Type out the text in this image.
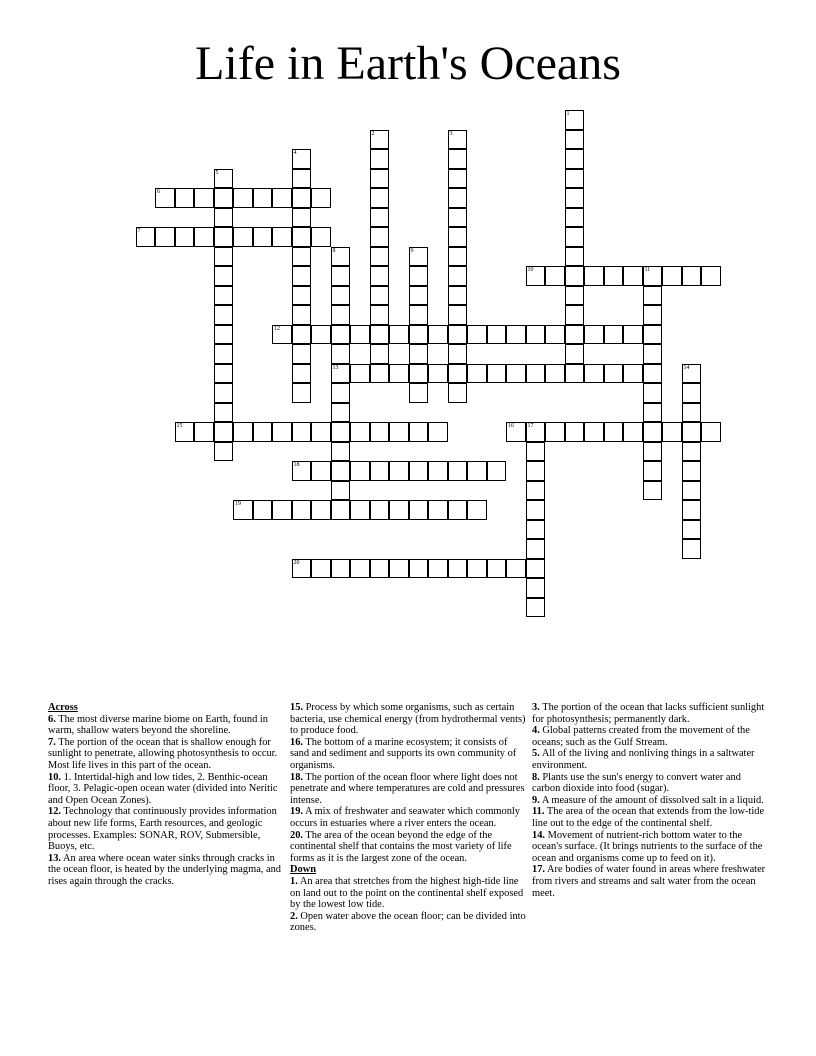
Life in Earth's Oceans
1
2	3
4
5
6
7
8
13
9
10	11
12
14
15	16 17
18
19
20
Across
6. The most diverse marine biome on Earth, found in warm, shallow waters beyond the shoreline.
7. The portion of the ocean that is shallow enough for sunlight to penetrate, allowing photosynthesis to occur. Most life lives in this part of the ocean.
10. 1. Intertidal-high and low tides, 2. Benthic-ocean floor, 3. Pelagic-open ocean water (divided into Neritic and Open Ocean Zones).
12. Technology that continuously provides information about new life forms, Earth resources, and geologic processes. Examples: SONAR, ROV, Submersible, Buoys, etc.
13. An area where ocean water sinks through cracks in the ocean floor, is heated by the underlying magma, and rises again through the cracks.
15. Process by which some organisms, such as certain bacteria, use chemical energy (from hydrothermal vents) to produce food.
16. The bottom of a marine ecosystem; it consists of sand and sediment and supports its own community of organisms.
18. The portion of the ocean floor where light does not penetrate and where temperatures are cold and pressures intense.
19. A mix of freshwater and seawater which commonly occurs in estuaries where a river enters the ocean.
20. The area of the ocean beyond the edge of the continental shelf that contains the most variety of life forms as it is the largest zone of the ocean.
Down
1. An area that stretches from the highest high-tide line on land out to the point on the continental shelf exposed by the lowest low tide.
2. Open water above the ocean floor; can be divided into zones.
3. The portion of the ocean that lacks sufficient sunlight for photosynthesis; permanently dark.
4. Global patterns created from the movement of the oceans; such as the Gulf Stream.
5. All of the living and nonliving things in a saltwater environment.
8. Plants use the sun's energy to convert water and carbon dioxide into food (sugar).
9. A measure of the amount of dissolved salt in a liquid.
11. The area of the ocean that extends from the low-tide line out to the edge of the continental shelf.
14. Movement of nutrient-rich bottom water to the ocean's surface. (It brings nutrients to the surface of the ocean and organisms come up to feed on it).
17. Are bodies of water found in areas where freshwater from rivers and streams and salt water from the ocean meet.
